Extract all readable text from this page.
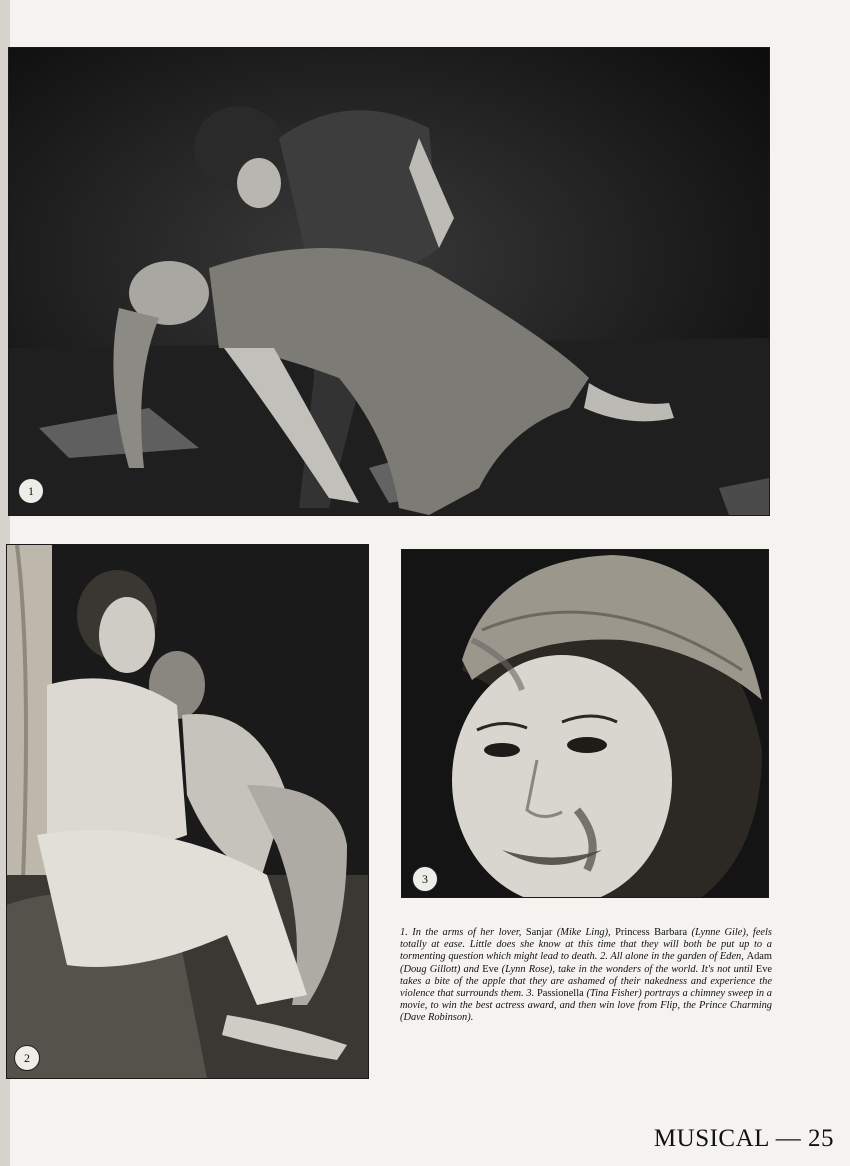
1
2
3

1. In the arms of her lover, Sanjar (Mike Ling), Princess Barbara (Lynne Gile), feels totally at ease. Little does she know at this time that they will both be put up to a tormenting question which might lead to death. 2. All alone in the garden of Eden, Adam (Doug Gillott) and Eve (Lynn Rose), take in the wonders of the world. It's not until Eve takes a bite of the apple that they are ashamed of their nakedness and experience the violence that surrounds them. 3. Passionella (Tina Fisher) portrays a chimney sweep in a movie, to win the best actress award, and then win love from Flip, the Prince Charming (Dave Robinson).

MUSICAL — 25
